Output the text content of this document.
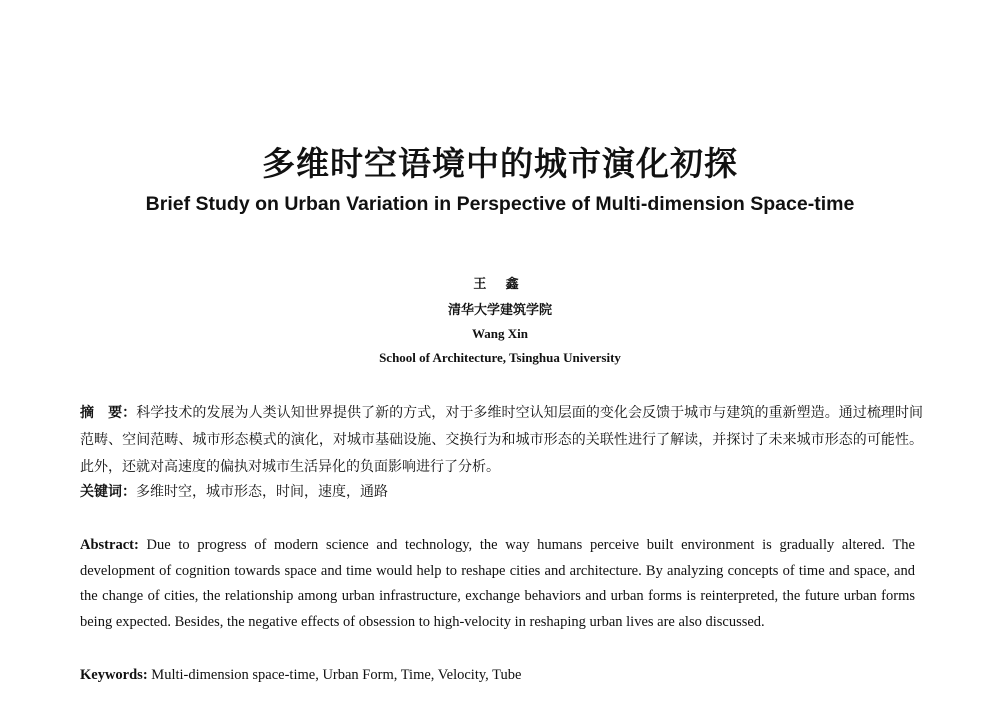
多维时空语境中的城市演化初探
Brief Study on Urban Variation in Perspective of Multi-dimension Space-time
王 鑫
清华大学建筑学院
Wang Xin
School of Architecture, Tsinghua University
摘　要：科学技术的发展为人类认知世界提供了新的方式，对于多维时空认知层面的变化会反馈于城市与建筑的重新塑造。通过梳理时间范畴、空间范畴、城市形态模式的演化，对城市基础设施、交换行为和城市形态的关联性进行了解读，并探讨了未来城市形态的可能性。此外，还就对高速度的偏执对城市生活异化的负面影响进行了分析。
关键词：多维时空，城市形态，时间，速度，通路
Abstract: Due to progress of modern science and technology, the way humans perceive built environment is gradually altered. The development of cognition towards space and time would help to reshape cities and architecture. By analyzing concepts of time and space, and the change of cities, the relationship among urban infrastructure, exchange behaviors and urban forms is reinterpreted, the future urban forms being expected. Besides, the negative effects of obsession to high-velocity in reshaping urban lives are also discussed.
Keywords: Multi-dimension space-time, Urban Form, Time, Velocity, Tube
